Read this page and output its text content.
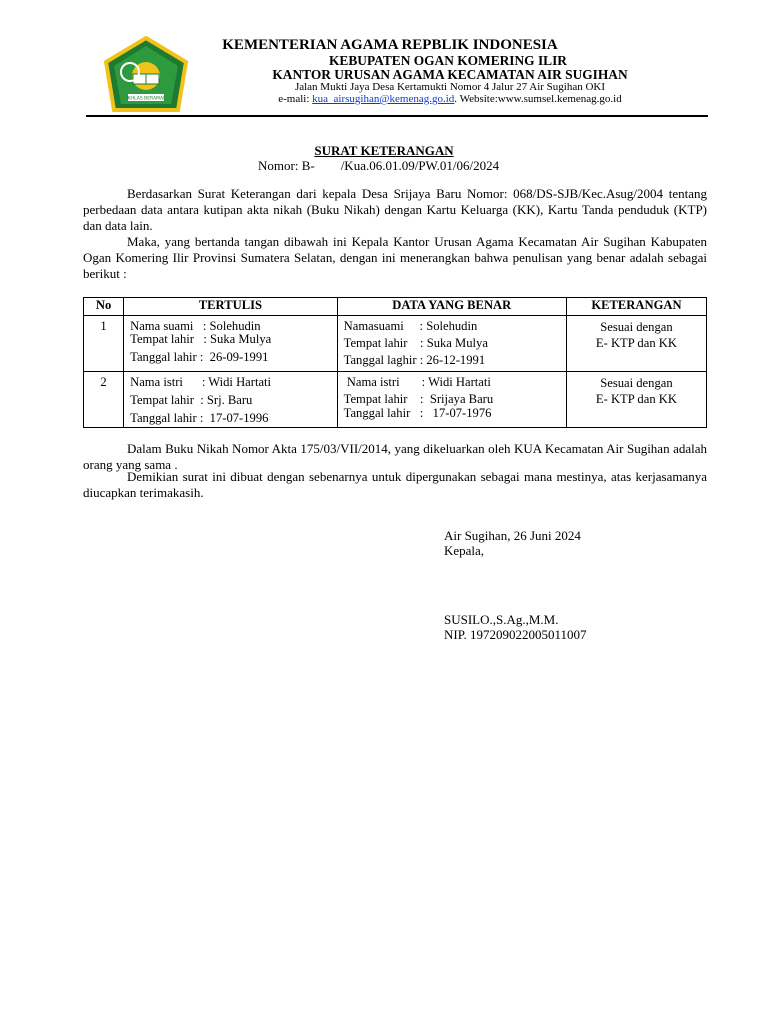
IKHLAS BERAMAL
KEMENTERIAN AGAMA REPBLIK INDONESIA
KEBUPATEN OGAN KOMERING ILIR
KANTOR URUSAN AGAMA KECAMATAN AIR SUGIHAN
Jalan Mukti Jaya Desa Kertamukti Nomor 4 Jalur 27 Air Sugihan OKI
e-mali: kua_airsugihan@kemenag.go.id. Website:www.sumsel.kemenag.go.id
SURAT KETERANGAN
Nomor: B-        /Kua.06.01.09/PW.01/06/2024
Berdasarkan Surat Keterangan dari kepala Desa Srijaya Baru Nomor: 068/DS-SJB/Kec.Asug/2004 tentang perbedaan data antara kutipan akta nikah (Buku Nikah) dengan Kartu Keluarga (KK), Kartu Tanda penduduk (KTP) dan data lain.
Maka, yang bertanda tangan dibawah ini Kepala Kantor Urusan Agama Kecamatan Air Sugihan Kabupaten Ogan Komering Ilir Provinsi Sumatera Selatan, dengan ini menerangkan bahwa penulisan yang benar adalah sebagai berikut :
No	TERTULIS	DATA YANG BENAR	KETERANGAN
1	Nama suami   : Solehudin
Tempat lahir   : Suka Mulya
Tanggal lahir :  26-09-1991	Namasuami     : Solehudin
Tempat lahir    : Suka Mulya
Tanggal laghir : 26-12-1991	Sesuai dengan
E- KTP dan KK

2	Nama istri      : Widi Hartati
Tempat lahir  : Srj. Baru
Tanggal lahir :  17-07-1996	Nama istri       : Widi Hartati
Tempat lahir    :  Srijaya Baru
Tanggal lahir   :   17-07-1976	Sesuai dengan
E- KTP dan KK
Dalam Buku Nikah Nomor Akta 175/03/VII/2014, yang dikeluarkan oleh KUA Kecamatan Air Sugihan adalah orang yang sama .
Demikian surat ini dibuat dengan sebenarnya untuk dipergunakan sebagai mana mestinya, atas kerjasamanya diucapkan terimakasih.
Air Sugihan, 26 Juni 2024
Kepala,
SUSILO.,S.Ag.,M.M.
NIP. 197209022005011007
